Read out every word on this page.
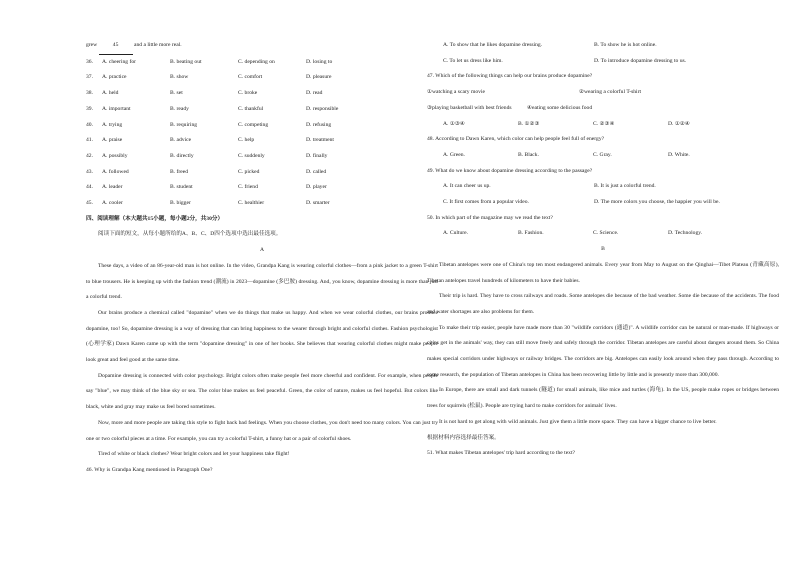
grew	45	and a little more real.
36.	A. cheering for	B. beating out	C. depending on	D. losing to
37.	A. practice	B. show	C. comfort	D. pleasure
38.	A. held	B. set	C. broke	D. read
39.	A. important	B. ready	C. thankful	D. responsible
40.	A. trying	B. requiring	C. competing	D. refusing
41.	A. praise	B. advice	C. help	D. treatment
42.	A. possibly	B. directly	C. suddenly	D. finally
43.	A. followed	B. freed	C. picked	D. called
44.	A. leader	B. student	C. friend	D. player
45.	A. cooler	B. bigger	C. healthier	D. smarter
四、阅读理解（本大题共15小题，每小题2分，共30分）
阅读下面的短文，从每小题所给的A、B、C、D四个选项中选出最佳选项。
A
These days, a video of an 86-year-old man is hot online. In the video, Grandpa Kang is wearing colorful clothes—from a pink jacket to a green T-shirt to blue trousers. He is keeping up with the fashion trend (潮流) in 2023—dopamine (多巴胺) dressing. And, you know, dopamine dressing is more than just a colorful trend.
Our brains produce a chemical called "dopamine" when we do things that make us happy. And when we wear colorful clothes, our brains produce dopamine, too! So, dopamine dressing is a way of dressing that can bring happiness to the wearer through bright and colorful clothes. Fashion psychologist (心理学家) Dawn Karen came up with the term "dopamine dressing" in one of her books. She believes that wearing colorful clothes might make people look great and feel good at the same time.
Dopamine dressing is connected with color psychology. Bright colors often make people feel more cheerful and confident. For example, when people say "blue", we may think of the blue sky or sea. The color blue makes us feel peaceful. Green, the color of nature, makes us feel hopeful. But colors like black, white and gray may make us feel bored sometimes.
Now, more and more people are taking this style to fight back bad feelings. When you choose clothes, you don't need too many colors. You can just try one or two colorful pieces at a time. For example, you can try a colorful T-shirt, a funny hat or a pair of colorful shoes.
Tired of white or black clothes? Wear bright colors and let your happiness take flight!
46. Why is Grandpa Kang mentioned in Paragraph One?
A. To show that he likes dopamine dressing.	B. To show he is hot online.
C. To let us dress like him.	D. To introduce dopamine dressing to us.
47. Which of the following things can help our brains produce dopamine?
①watching a scary movie	②wearing a colorful T-shirt
③playing basketball with best friends	④eating some delicious food
A. ①③④	B. ①②③	C. ②③④	D. ①②④
48. According to Dawn Karen, which color can help people feel full of energy?
A. Green.	B. Black.	C. Gray.	D. White.
49. What do we know about dopamine dressing according to the passage?
A. It can cheer us up.	B. It is just a colorful trend.
C. It first comes from a popular video.	D. The more colors you choose, the happier you will be.
50. In which part of the magazine may we read the text?
A. Culture.	B. Fashion.	C. Science.	D. Technology.
B
Tibetan antelopes were one of China's top ten most endangered animals. Every year from May to August on the Qinghai—Tibet Plateau (青藏高原), Tibetan antelopes travel hundreds of kilometers to have their babies.
Their trip is hard. They have to cross railways and roads. Some antelopes die because of the bad weather. Some die because of the accidents. The food and water shortages are also problems for them.
To make their trip easier, people have made more than 30 "wildlife corridors (通道)". A wildlife corridor can be natural or man-made. If highways or cities get in the animals' way, they can still move freely and safely through the corridor. Tibetan antelopes are careful about dangers around them. So China makes special corridors under highways or railway bridges. The corridors are big. Antelopes can easily look around when they pass through. According to some research, the population of Tibetan antelopes in China has been recovering little by little and is presently more than 300,000.
In Europe, there are small and dark tunnels (隧道) for small animals, like mice and turtles (海龟). In the US, people make ropes or bridges between trees for squirrels (松鼠). People are trying hard to make corridors for animals' lives.
It is not hard to get along with wild animals. Just give them a little more space. They can have a bigger chance to live better.
根据材料内容选择最佳答案。
51. What makes Tibetan antelopes' trip hard according to the text?
